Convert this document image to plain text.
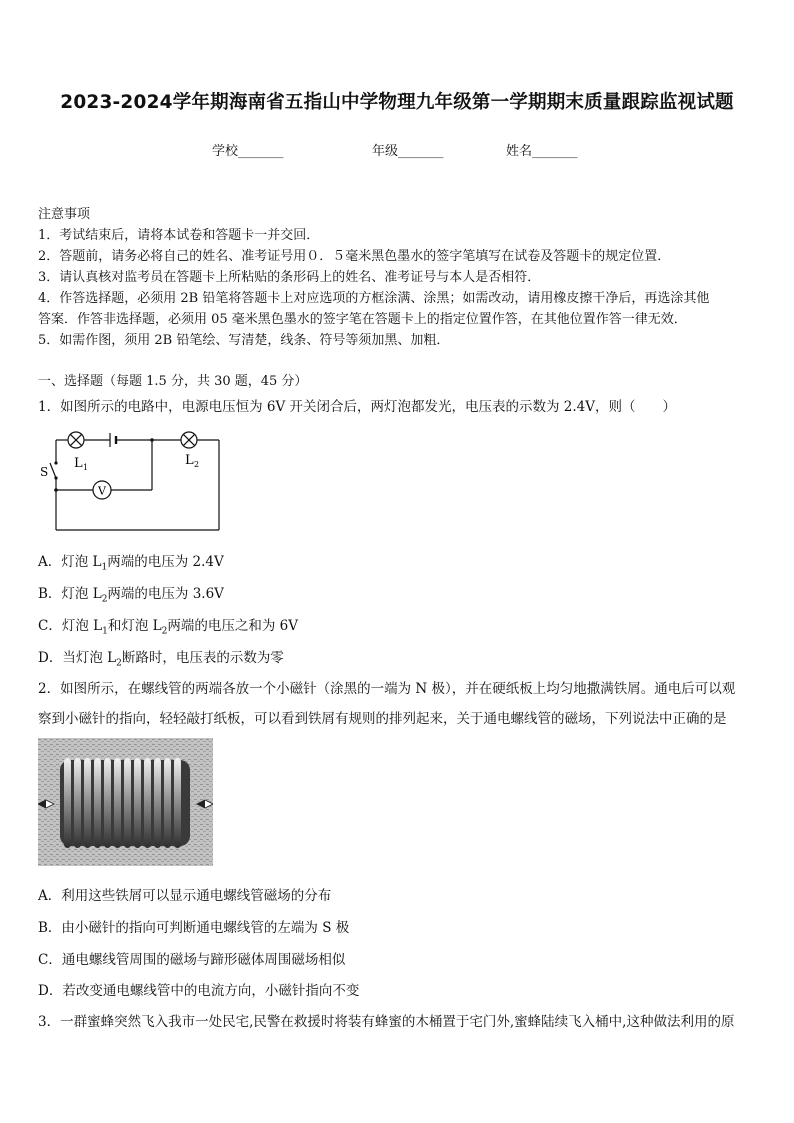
2023-2024学年期海南省五指山中学物理九年级第一学期期末质量跟踪监视试题
学校_______	年级_______	姓名_______
注意事项
1．考试结束后，请将本试卷和答题卡一并交回．
2．答题前，请务必将自己的姓名、准考证号用０．５毫米黑色墨水的签字笔填写在试卷及答题卡的规定位置．
3．请认真核对监考员在答题卡上所粘贴的条形码上的姓名、准考证号与本人是否相符．
4．作答选择题，必须用 2B 铅笔将答题卡上对应选项的方框涂满、涂黑；如需改动，请用橡皮擦干净后，再选涂其他
答案．作答非选择题，必须用 05 毫米黑色墨水的签字笔在答题卡上的指定位置作答，在其他位置作答一律无效．
5．如需作图，须用 2B 铅笔绘、写清楚，线条、符号等须加黑、加粗．
一、选择题（每题 1.5 分，共 30 题，45 分）
1．如图所示的电路中，电源电压恒为 6V 开关闭合后，两灯泡都发光，电压表的示数为 2.4V，则（　　）
V
S
L 1	L 2
A．灯泡 $L_1$两端的电压为 2.4V
B．灯泡 $L_2$两端的电压为 3.6V
C．灯泡 $L_1$和灯泡 $L_2$两端的电压之和为 6V
D．当灯泡 $L_2$断路时，电压表的示数为零
2．如图所示，在螺线管的两端各放一个小磁针（涂黑的一端为 N 极），并在硬纸板上均匀地撒满铁屑。通电后可以观
察到小磁针的指向，轻轻敲打纸板，可以看到铁屑有规则的排列起来，关于通电螺线管的磁场，下列说法中正确的是
A．利用这些铁屑可以显示通电螺线管磁场的分布
B．由小磁针的指向可判断通电螺线管的左端为 S 极
C．通电螺线管周围的磁场与蹄形磁体周围磁场相似
D．若改变通电螺线管中的电流方向，小磁针指向不变
3．一群蜜蜂突然飞入我市一处民宅,民警在救援时将装有蜂蜜的木桶置于宅门外,蜜蜂陆续飞入桶中,这种做法利用的原
